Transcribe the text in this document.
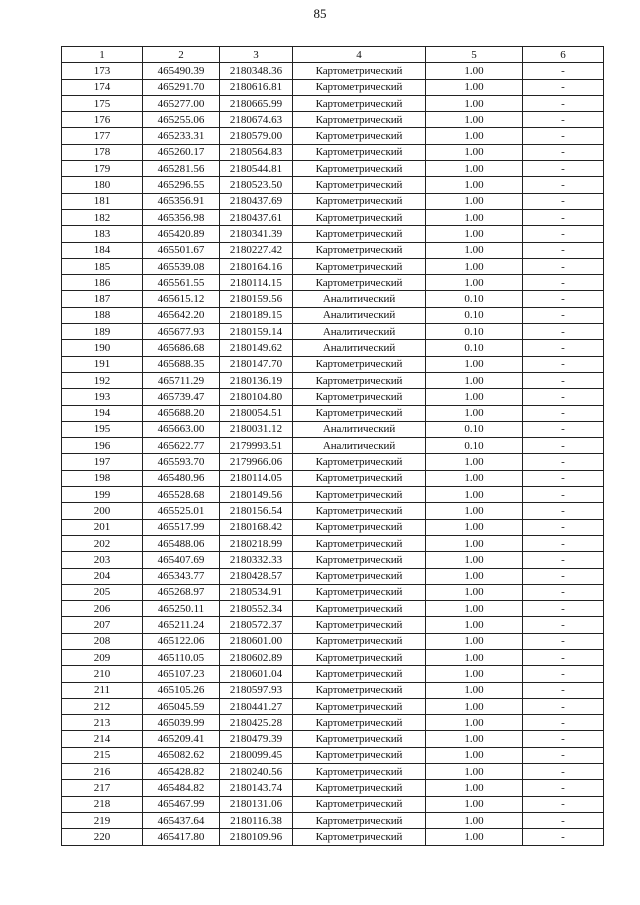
85
1	2	3	4	5	6
173	465490.39	2180348.36	Картометрический	1.00	-
174	465291.70	2180616.81	Картометрический	1.00	-
175	465277.00	2180665.99	Картометрический	1.00	-
176	465255.06	2180674.63	Картометрический	1.00	-
177	465233.31	2180579.00	Картометрический	1.00	-
178	465260.17	2180564.83	Картометрический	1.00	-
179	465281.56	2180544.81	Картометрический	1.00	-
180	465296.55	2180523.50	Картометрический	1.00	-
181	465356.91	2180437.69	Картометрический	1.00	-
182	465356.98	2180437.61	Картометрический	1.00	-
183	465420.89	2180341.39	Картометрический	1.00	-
184	465501.67	2180227.42	Картометрический	1.00	-
185	465539.08	2180164.16	Картометрический	1.00	-
186	465561.55	2180114.15	Картометрический	1.00	-
187	465615.12	2180159.56	Аналитический	0.10	-
188	465642.20	2180189.15	Аналитический	0.10	-
189	465677.93	2180159.14	Аналитический	0.10	-
190	465686.68	2180149.62	Аналитический	0.10	-
191	465688.35	2180147.70	Картометрический	1.00	-
192	465711.29	2180136.19	Картометрический	1.00	-
193	465739.47	2180104.80	Картометрический	1.00	-
194	465688.20	2180054.51	Картометрический	1.00	-
195	465663.00	2180031.12	Аналитический	0.10	-
196	465622.77	2179993.51	Аналитический	0.10	-
197	465593.70	2179966.06	Картометрический	1.00	-
198	465480.96	2180114.05	Картометрический	1.00	-
199	465528.68	2180149.56	Картометрический	1.00	-
200	465525.01	2180156.54	Картометрический	1.00	-
201	465517.99	2180168.42	Картометрический	1.00	-
202	465488.06	2180218.99	Картометрический	1.00	-
203	465407.69	2180332.33	Картометрический	1.00	-
204	465343.77	2180428.57	Картометрический	1.00	-
205	465268.97	2180534.91	Картометрический	1.00	-
206	465250.11	2180552.34	Картометрический	1.00	-
207	465211.24	2180572.37	Картометрический	1.00	-
208	465122.06	2180601.00	Картометрический	1.00	-
209	465110.05	2180602.89	Картометрический	1.00	-
210	465107.23	2180601.04	Картометрический	1.00	-
211	465105.26	2180597.93	Картометрический	1.00	-
212	465045.59	2180441.27	Картометрический	1.00	-
213	465039.99	2180425.28	Картометрический	1.00	-
214	465209.41	2180479.39	Картометрический	1.00	-
215	465082.62	2180099.45	Картометрический	1.00	-
216	465428.82	2180240.56	Картометрический	1.00	-
217	465484.82	2180143.74	Картометрический	1.00	-
218	465467.99	2180131.06	Картометрический	1.00	-
219	465437.64	2180116.38	Картометрический	1.00	-
220	465417.80	2180109.96	Картометрический	1.00	-
